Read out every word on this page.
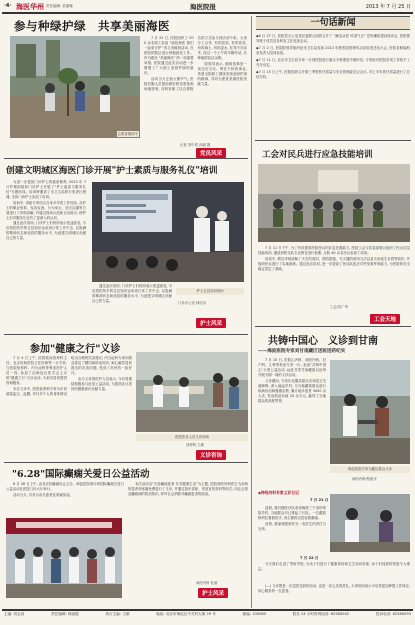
·4· 海医华州 责任编辑: 袁丽娜	海医院报	2013 年 7 月 25 日
参与种绿护绿　共享美丽海医
志愿者植树中

7 月 22 日, 医院组织了 200 余名职工参加 "绿色海医 我们一起来守护" 的义务植树活动, 在医院的院区进行种植绿化工作。作为建设 "美丽海医" 的一项重要举措, 医院通过此次活动进一步增强了广大职工爱绿护绿的意识。

活动当天正值大暑节气, 医院后勤人员提前做好树苗准备和场地规划, 各科室职工以自愿报名的方式参与到活动中来。大家分工合作, 有的挖坑, 有的扶苗, 有的填土, 有的浇水, 忙得不亦乐乎, 经过一个上午的辛勤劳动, 共种植树苗百余株。

院领导表示, 植树造林是一项功在当代、利在千秋的事业, 希望全院职工继续发扬爱绿护绿的精神, 共同为建设美丽医院贡献力量。

记者 刘中青 孙丽 摄
党员风采
创建文明城区海医门诊开展"护士素质与服务礼仪"培训

为进一步提高门诊护士的素质修养, 2013 年 7 月护理部组织门诊护士开展了"护士素质与服务礼仪"专题培训。培训特邀请了市卫生局的专家进行授课, 全体门诊护士参加了培训。

培训中, 讲座专家结合自身多年的工作经验, 从护士的职业形象、仪容仪表、行为举止、语言沟通等方面进行了详细讲解, 并通过现场示范和互动练习, 使护士们对服务礼仪有了更深入的认识。

通过此次培训, 门诊护士们纷纷表示受益匪浅, 今后将把所学的礼仪知识运用到日常工作中去, 以饱满的精神状态和优质的服务水平, 为创建文明城区贡献自己的力量。

通过此次培训, 门诊护士们纷纷表示受益匪浅, 今后将把所学的礼仪知识运用到日常工作中去, 以饱满的精神状态和优质的服务水平, 为创建文明城区贡献自己的力量。

护士礼仪培训现场
门诊办公室 林洁芬
护士风采
参加"健康之行"义诊

7 月 4 日上午, 医院临床营养科主任、北京协和医院主任医师等一行专家, 与医院营养科、内分泌科等科室医护人员一同, 参加了由海淀区医学会主办的"健康之行"义诊活动, 为来访居民提供咨询服务。

本次义诊中, 医院营养科专家为市民测量血压、血糖, 并针对个人的身体情况给出合理的饮食建议; 内分泌科专家向群众普及了糖尿病防治知识, 耐心解答居民提出的各类问题, 受到了市民的一致好评。

参与义诊的医护人员表示, 今后将继续积极参与此类公益活动, 为提高社区居民的健康意识贡献力量。

医院医务人员义诊现场
营养科 王颖
义诊咨询
"6.28"国际癫痫关爱日公益活动

6 月 28 日上午, 由北京抗癫痫协会主办、海淀医院承办的国际癫痫关爱日公益活动在医院门诊大厅举行。

活动当天, 共有百余名患者及家属参加。

本次活动以"关爱癫痫患者 共享健康生活"为主题, 医院神经内科医生为到场的患者和家属免费进行了义诊, 并通过知识讲座、发放宣传资料等形式, 向社会普及癫痫病的防治知识, 呼吁社会消除对癫痫患者的歧视。

神经内科 杜丽
护士风采
一句话新闻

◆6 月 27 日, 医院党办公室及纪委联合组织召开了 "廉洁从医 风清气正" 党风廉政建设座谈会, 医院领导班子成员及各科室主任参加会议。

◆7 月 2 日, 医院院领导组织赴市卫生局参加 2013 年度医院管理年活动检查总结大会, 医院各职能科室负责人陪同参加。

◆7 月 11 日, 北京市卫生局专家一行到医院进行重点专科建设中期评估, 专家组对医院各项工作给予了充分肯定。

◆7 月 15 日上午, 医院组织召开第三季度医疗质量与安全管理委员会会议, 对上半年医疗质量进行了总结分析。

工会对民兵进行应急技能培训

7 月 11 日下午, 为了有效提高医院民兵的应急处置能力, 医院工会与武装部联合组织了民兵应急技能培训, 邀请消防支队专业教官进行授课, 全院 40 余名民兵参加了培训。

培训中, 教官详细讲解了火灾的成因、预防措施、灭火器的使用方法以及火场逃生自救等知识, 并组织民兵进行了实地演练。通过此次培训, 进一步提高了民兵队伍应对突发事件的能力, 为医院的安全稳定奠定了基础。

工会/武广军
工会天地
共铸中国心　义诊到甘南
——海淀医院专家刘甘南藏区送医送药纪实

7 月 15 日, 医院心内科、神经内科、妇产科、儿科等科室专家一行, 参加"共铸中国心"大型公益活动, 远赴甘肃甘南藏族自治州开展为期一周的义诊活动。

义诊期间, 专家们克服高原反应和语言交流障碍, 深入偏远乡村, 为当地藏族群众进行疾病诊治和健康宣教, 累计接诊患者 3000 余人次, 发放药品价值 20 余万元, 赢得了当地群众的高度赞誉。

海淀医院专家为藏区群众义诊
神经内科/张振平
◆神经内科专家义诊日记
7 月 21 日

清晨, 我们随医疗队来到海拔三千米的草原乡村, 当地群众早已排起了长队。一位藏族阿妈拉着我的手, 用生硬的汉语说着谢谢。

此刻, 我深深感到作为一名医生的责任与光荣。

7 月 22 日

今天我们走进了寄宿学校, 为孩子们进行了健康体检和卫生知识讲座, 孩子们纯真的笑脸令人难忘。

(—) 义诊既是一次送医送药的活动, 也是一次心灵的洗礼, 大家纷纷表示今后将更加珍惜工作岗位, 用心服务每一位患者。

主编: 刘志高	责任编辑: 林丽霞	执行主编: 王颖	地址: 北京市海淀区中关村大街 29 号	邮编: 100080	院长 24 小时咨询电话: 62580042	投诉电话: 62580093
